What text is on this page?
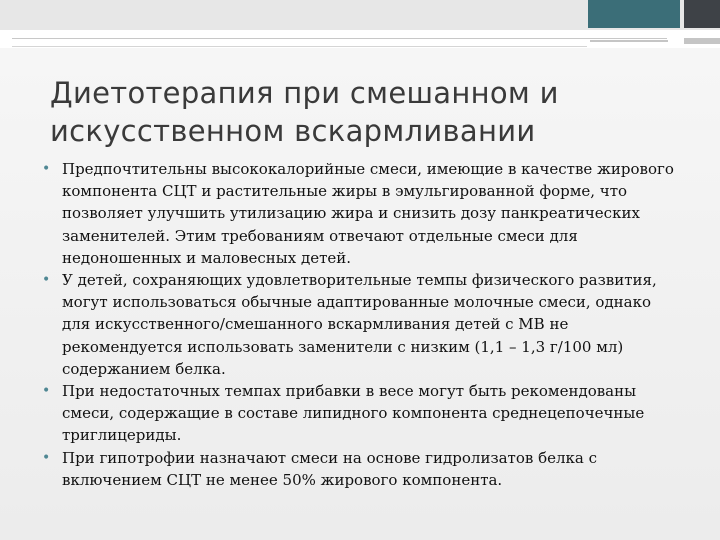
Диетотерапия при смешанном и
искусственном вскармливании
• Предпочтительны высококалорийные смеси, имеющие в качестве жирового компонента СЦТ и растительные жиры в эмульгированной форме, что позволяет улучшить утилизацию жира и снизить дозу панкреатических заменителей. Этим требованиям отвечают отдельные смеси для недоношенных и маловесных детей.
• У детей, сохраняющих удовлетворительные темпы физического развития, могут использоваться обычные адаптированные молочные смеси, однако для искусственного/смешанного вскармливания детей с МВ не рекомендуется использовать заменители с низким (1,1 – 1,3 г/100 мл) содержанием белка.
• При недостаточных темпах прибавки в весе могут быть рекомендованы смеси, содержащие в составе липидного компонента среднецепочечные триглицериды.
• При гипотрофии назначают смеси на основе гидролизатов белка с включением СЦТ не менее 50% жирового компонента.
